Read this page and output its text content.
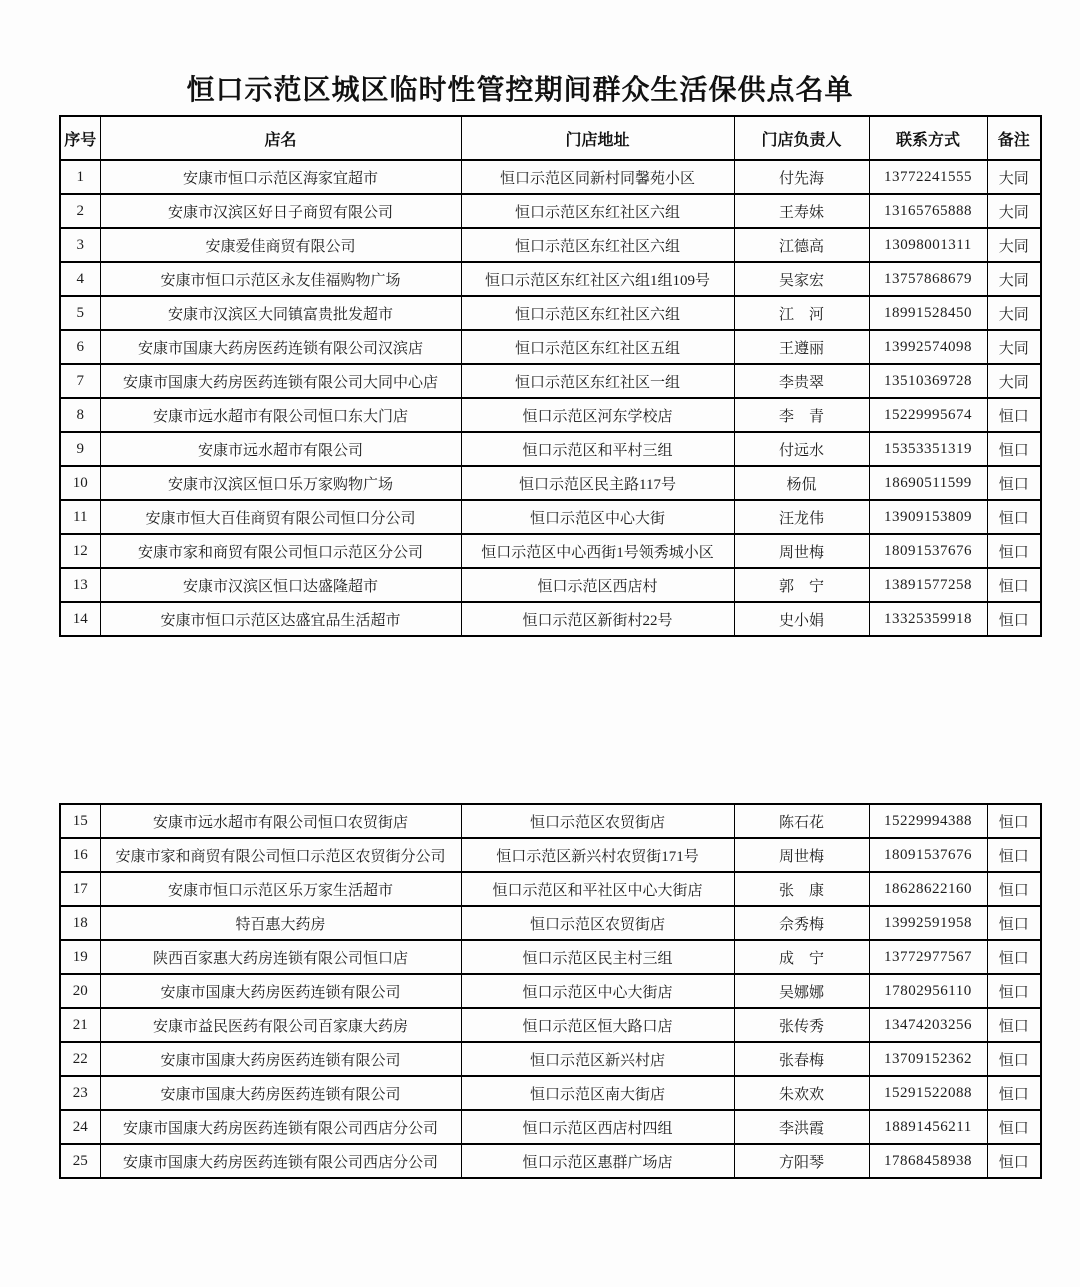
恒口示范区城区临时性管控期间群众生活保供点名单
序号	店名	门店地址	门店负责人	联系方式	备注
1	安康市恒口示范区海家宜超市	恒口示范区同新村同馨苑小区	付先海	13772241555	大同
2	安康市汉滨区好日子商贸有限公司	恒口示范区东红社区六组	王寿妹	13165765888	大同
3	安康爱佳商贸有限公司	恒口示范区东红社区六组	江德高	13098001311	大同
4	安康市恒口示范区永友佳福购物广场	恒口示范区东红社区六组1组109号	吴家宏	13757868679	大同
5	安康市汉滨区大同镇富贵批发超市	恒口示范区东红社区六组	江　河	18991528450	大同
6	安康市国康大药房医药连锁有限公司汉滨店	恒口示范区东红社区五组	王遵丽	13992574098	大同
7	安康市国康大药房医药连锁有限公司大同中心店	恒口示范区东红社区一组	李贵翠	13510369728	大同
8	安康市远水超市有限公司恒口东大门店	恒口示范区河东学校店	李　青	15229995674	恒口
9	安康市远水超市有限公司	恒口示范区和平村三组	付远水	15353351319	恒口
10	安康市汉滨区恒口乐万家购物广场	恒口示范区民主路117号	杨侃	18690511599	恒口
11	安康市恒大百佳商贸有限公司恒口分公司	恒口示范区中心大街	汪龙伟	13909153809	恒口
12	安康市家和商贸有限公司恒口示范区分公司	恒口示范区中心西街1号领秀城小区	周世梅	18091537676	恒口
13	安康市汉滨区恒口达盛隆超市	恒口示范区西店村	郭　宁	13891577258	恒口
14	安康市恒口示范区达盛宜品生活超市	恒口示范区新街村22号	史小娟	13325359918	恒口
15	安康市远水超市有限公司恒口农贸街店	恒口示范区农贸街店	陈石花	15229994388	恒口
16	安康市家和商贸有限公司恒口示范区农贸街分公司	恒口示范区新兴村农贸街171号	周世梅	18091537676	恒口
17	安康市恒口示范区乐万家生活超市	恒口示范区和平社区中心大街店	张　康	18628622160	恒口
18	特百惠大药房	恒口示范区农贸街店	佘秀梅	13992591958	恒口
19	陕西百家惠大药房连锁有限公司恒口店	恒口示范区民主村三组	成　宁	13772977567	恒口
20	安康市国康大药房医药连锁有限公司	恒口示范区中心大街店	吴娜娜	17802956110	恒口
21	安康市益民医药有限公司百家康大药房	恒口示范区恒大路口店	张传秀	13474203256	恒口
22	安康市国康大药房医药连锁有限公司	恒口示范区新兴村店	张春梅	13709152362	恒口
23	安康市国康大药房医药连锁有限公司	恒口示范区南大街店	朱欢欢	15291522088	恒口
24	安康市国康大药房医药连锁有限公司西店分公司	恒口示范区西店村四组	李洪霞	18891456211	恒口
25	安康市国康大药房医药连锁有限公司西店分公司	恒口示范区惠群广场店	方阳琴	17868458938	恒口
